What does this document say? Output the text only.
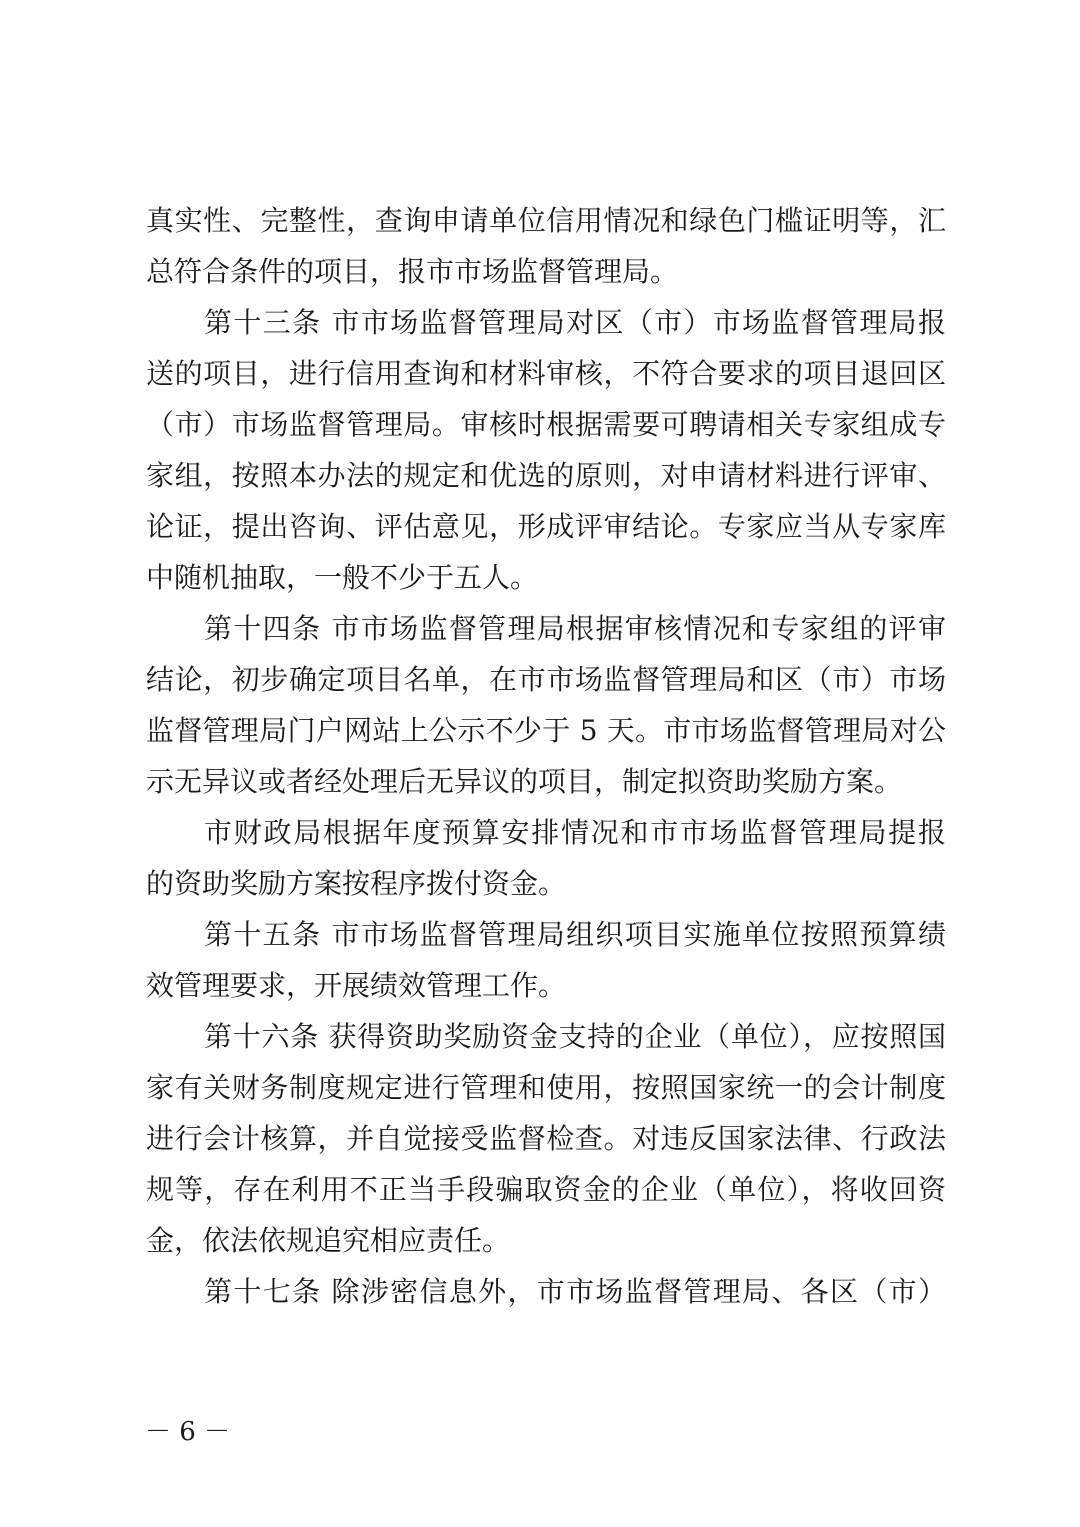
真实性、完整性，查询申请单位信用情况和绿色门槛证明等，汇
总符合条件的项目，报市市场监督管理局。
第十三条 市市场监督管理局对区（市）市场监督管理局报
送的项目，进行信用查询和材料审核，不符合要求的项目退回区
（市）市场监督管理局。审核时根据需要可聘请相关专家组成专
家组，按照本办法的规定和优选的原则，对申请材料进行评审、
论证，提出咨询、评估意见，形成评审结论。专家应当从专家库
中随机抽取，一般不少于五人。
第十四条 市市场监督管理局根据审核情况和专家组的评审
结论，初步确定项目名单，在市市场监督管理局和区（市）市场
监督管理局门户网站上公示不少于 5 天。市市场监督管理局对公
示无异议或者经处理后无异议的项目，制定拟资助奖励方案。
市财政局根据年度预算安排情况和市市场监督管理局提报
的资助奖励方案按程序拨付资金。
第十五条 市市场监督管理局组织项目实施单位按照预算绩
效管理要求，开展绩效管理工作。
第十六条 获得资助奖励资金支持的企业（单位），应按照国
家有关财务制度规定进行管理和使用，按照国家统一的会计制度
进行会计核算，并自觉接受监督检查。对违反国家法律、行政法
规等，存在利用不正当手段骗取资金的企业（单位），将收回资
金，依法依规追究相应责任。
第十七条 除涉密信息外，市市场监督管理局、各区（市）
－ 6 －
